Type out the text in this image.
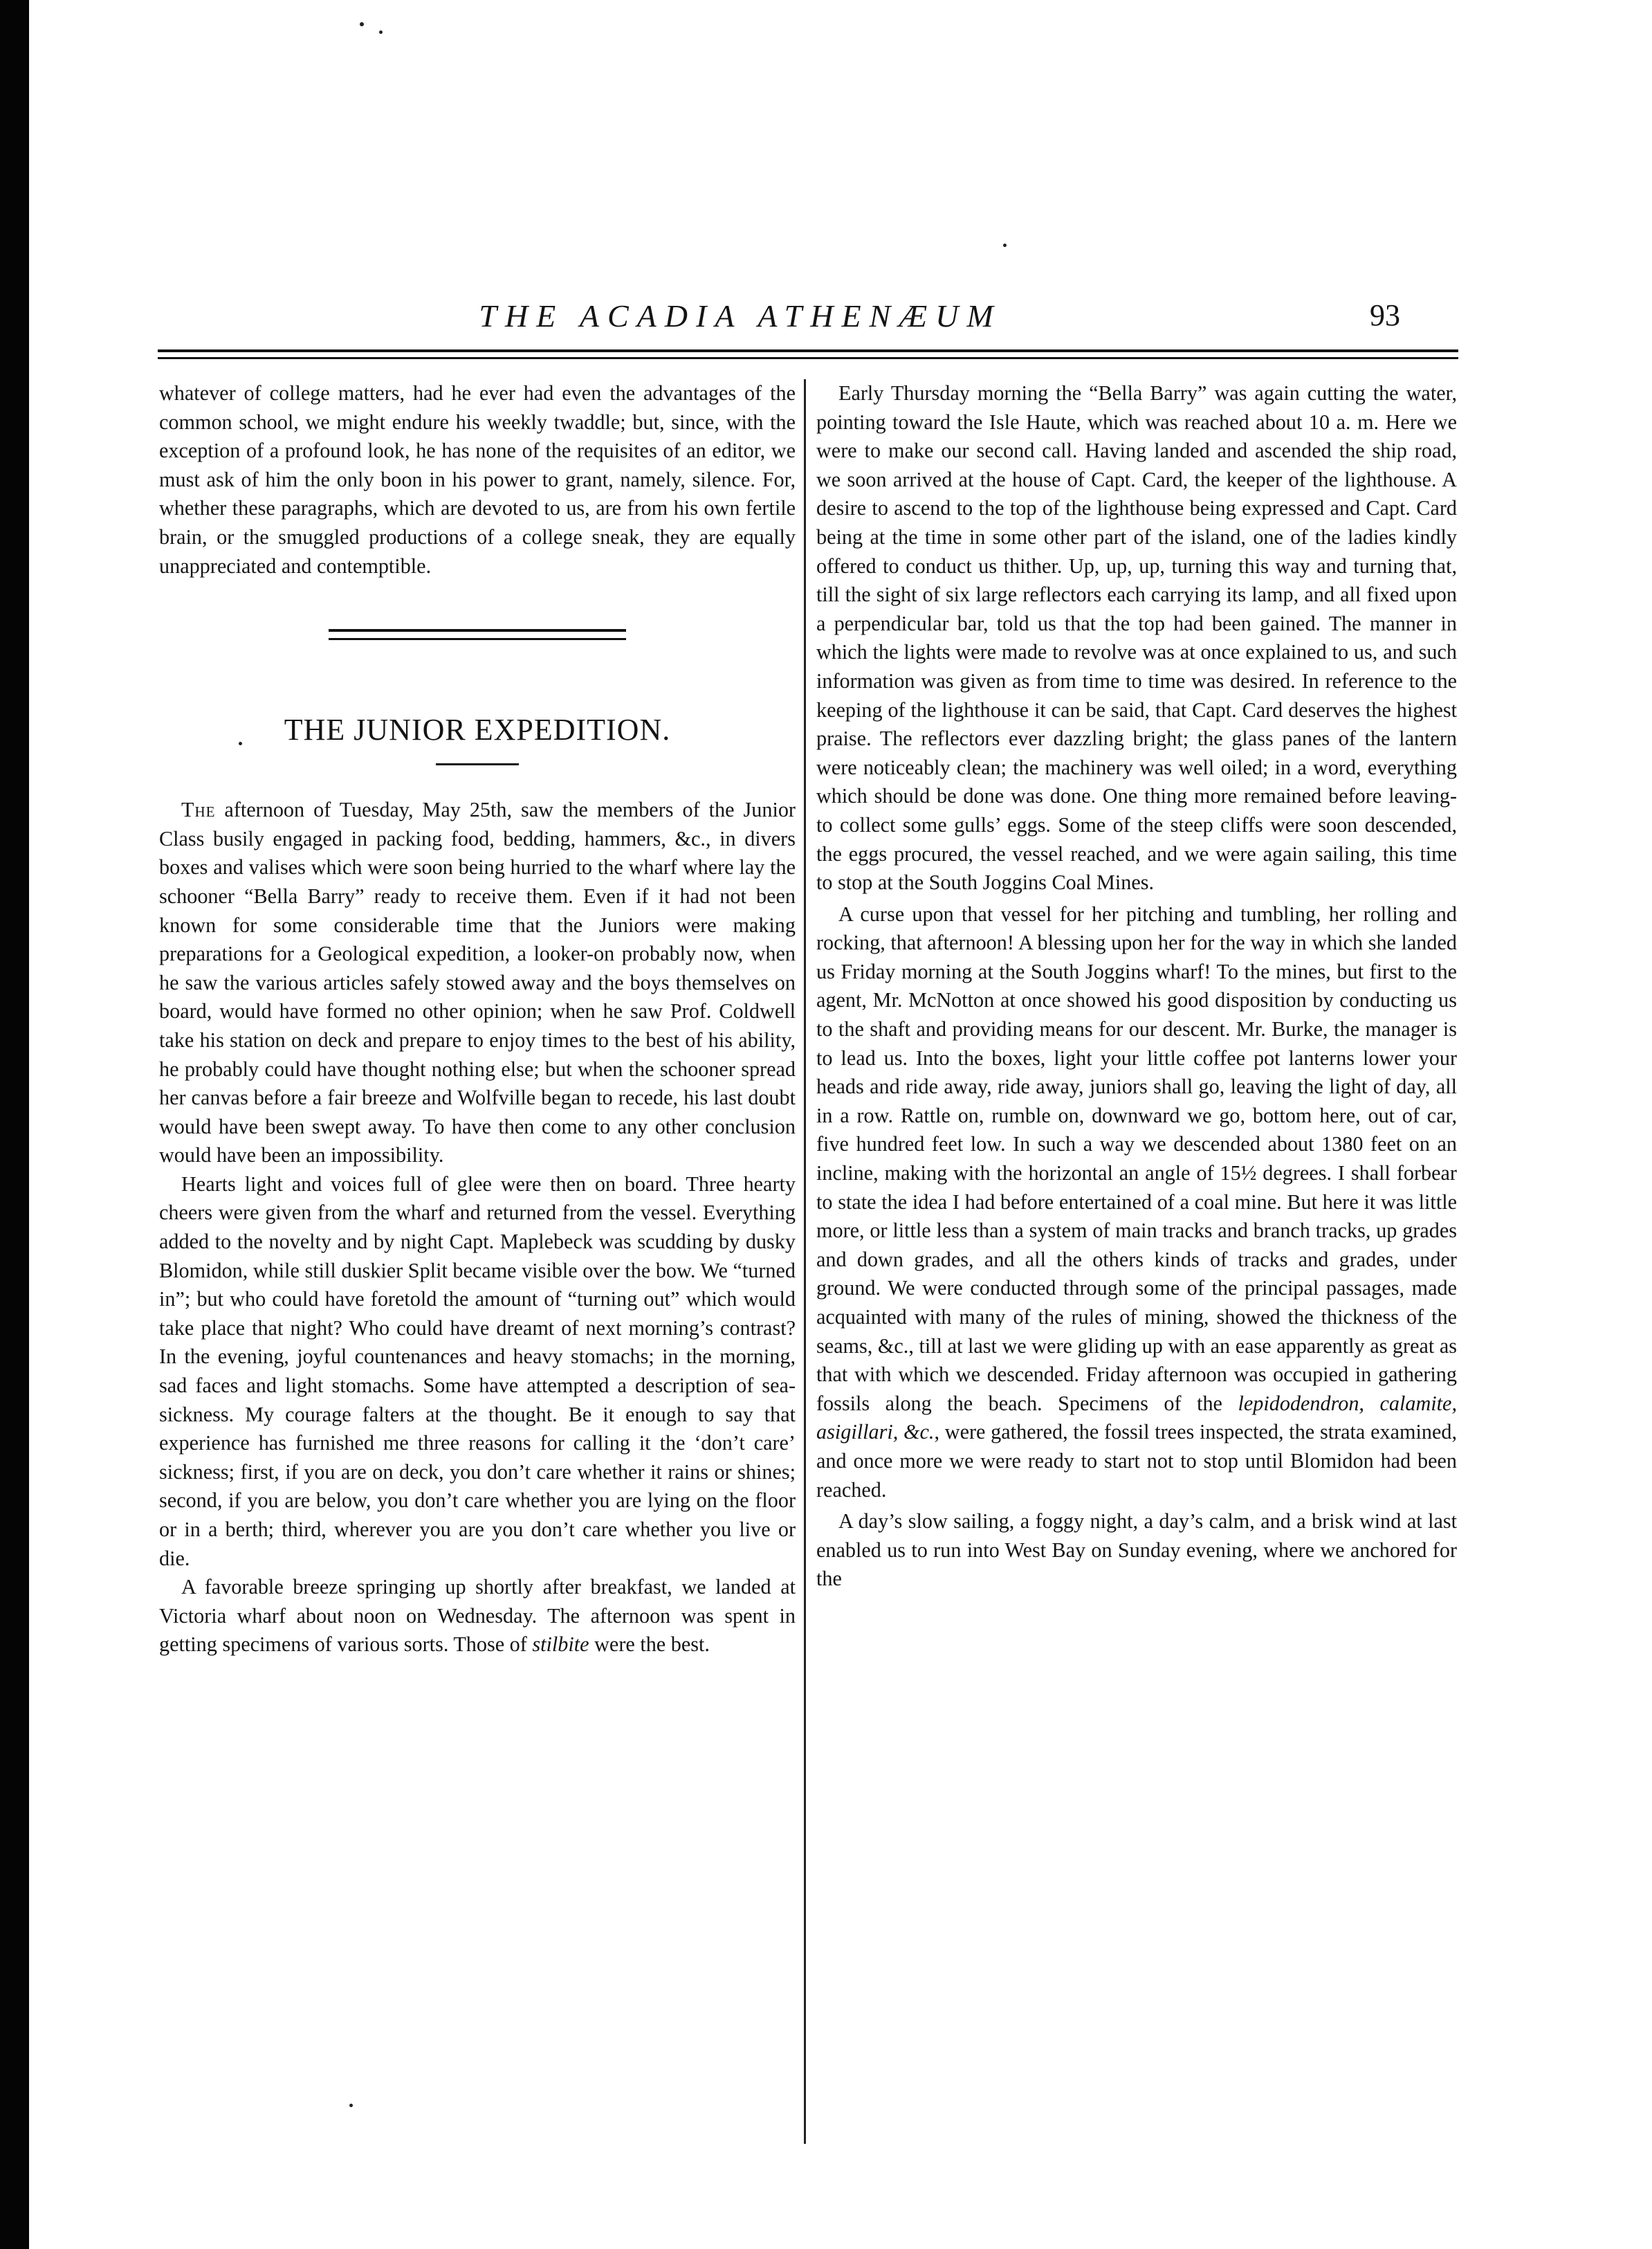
THE ACADIA ATHENÆUM	93

whatever of college matters, had he ever had even the advantages of the common school, we might endure his weekly twaddle; but, since, with the exception of a profound look, he has none of the requisites of an editor, we must ask of him the only boon in his power to grant, namely, silence. For, whether these paragraphs, which are devoted to us, are from his own fertile brain, or the smuggled productions of a college sneak, they are equally unappreciated and contemptible.

THE JUNIOR EXPEDITION.

The afternoon of Tuesday, May 25th, saw the members of the Junior Class busily engaged in packing food, bedding, hammers, &c., in divers boxes and valises which were soon being hurried to the wharf where lay the schooner “Bella Barry” ready to receive them. Even if it had not been known for some considerable time that the Juniors were making preparations for a Geological expedition, a looker-on probably now, when he saw the various articles safely stowed away and the boys themselves on board, would have formed no other opinion; when he saw Prof. Coldwell take his station on deck and prepare to enjoy times to the best of his ability, he probably could have thought nothing else; but when the schooner spread her canvas before a fair breeze and Wolfville began to recede, his last doubt would have been swept away. To have then come to any other conclusion would have been an impossibility.

Hearts light and voices full of glee were then on board. Three hearty cheers were given from the wharf and returned from the vessel. Everything added to the novelty and by night Capt. Maplebeck was scudding by dusky Blomidon, while still duskier Split became visible over the bow. We “turned in”; but who could have foretold the amount of “turning out” which would take place that night? Who could have dreamt of next morning’s contrast? In the evening, joyful countenances and heavy stomachs; in the morning, sad faces and light stomachs. Some have attempted a description of sea-sickness. My courage falters at the thought. Be it enough to say that experience has furnished me three reasons for calling it the ‘don’t care’ sickness; first, if you are on deck, you don’t care whether it rains or shines; second, if you are below, you don’t care whether you are lying on the floor or in a berth; third, wherever you are you don’t care whether you live or die.

A favorable breeze springing up shortly after breakfast, we landed at Victoria wharf about noon on Wednesday. The afternoon was spent in getting specimens of various sorts. Those of stilbite were the best.

Early Thursday morning the “Bella Barry” was again cutting the water, pointing toward the Isle Haute, which was reached about 10 a. m. Here we were to make our second call. Having landed and ascended the ship road, we soon arrived at the house of Capt. Card, the keeper of the lighthouse. A desire to ascend to the top of the lighthouse being expressed and Capt. Card being at the time in some other part of the island, one of the ladies kindly offered to conduct us thither. Up, up, up, turning this way and turning that, till the sight of six large reflectors each carrying its lamp, and all fixed upon a perpendicular bar, told us that the top had been gained. The manner in which the lights were made to revolve was at once explained to us, and such information was given as from time to time was desired. In reference to the keeping of the lighthouse it can be said, that Capt. Card deserves the highest praise. The reflectors ever dazzling bright; the glass panes of the lantern were noticeably clean; the machinery was well oiled; in a word, everything which should be done was done. One thing more remained before leaving- to collect some gulls’ eggs. Some of the steep cliffs were soon descended, the eggs procured, the vessel reached, and we were again sailing, this time to stop at the South Joggins Coal Mines.

A curse upon that vessel for her pitching and tumbling, her rolling and rocking, that afternoon! A blessing upon her for the way in which she landed us Friday morning at the South Joggins wharf! To the mines, but first to the agent, Mr. McNotton at once showed his good disposition by conducting us to the shaft and providing means for our descent. Mr. Burke, the manager is to lead us. Into the boxes, light your little coffee pot lanterns lower your heads and ride away, ride away, juniors shall go, leaving the light of day, all in a row. Rattle on, rumble on, downward we go, bottom here, out of car, five hundred feet low. In such a way we descended about 1380 feet on an incline, making with the horizontal an angle of 15½ degrees. I shall forbear to state the idea I had before entertained of a coal mine. But here it was little more, or little less than a system of main tracks and branch tracks, up grades and down grades, and all the others kinds of tracks and grades, under ground. We were conducted through some of the principal passages, made acquainted with many of the rules of mining, showed the thickness of the seams, &c., till at last we were gliding up with an ease apparently as great as that with which we descended. Friday afternoon was occupied in gathering fossils along the beach. Specimens of the lepidodendron, calamite, asigillari, &c., were gathered, the fossil trees inspected, the strata examined, and once more we were ready to start not to stop until Blomidon had been reached.

A day’s slow sailing, a foggy night, a day’s calm, and a brisk wind at last enabled us to run into West Bay on Sunday evening, where we anchored for the
